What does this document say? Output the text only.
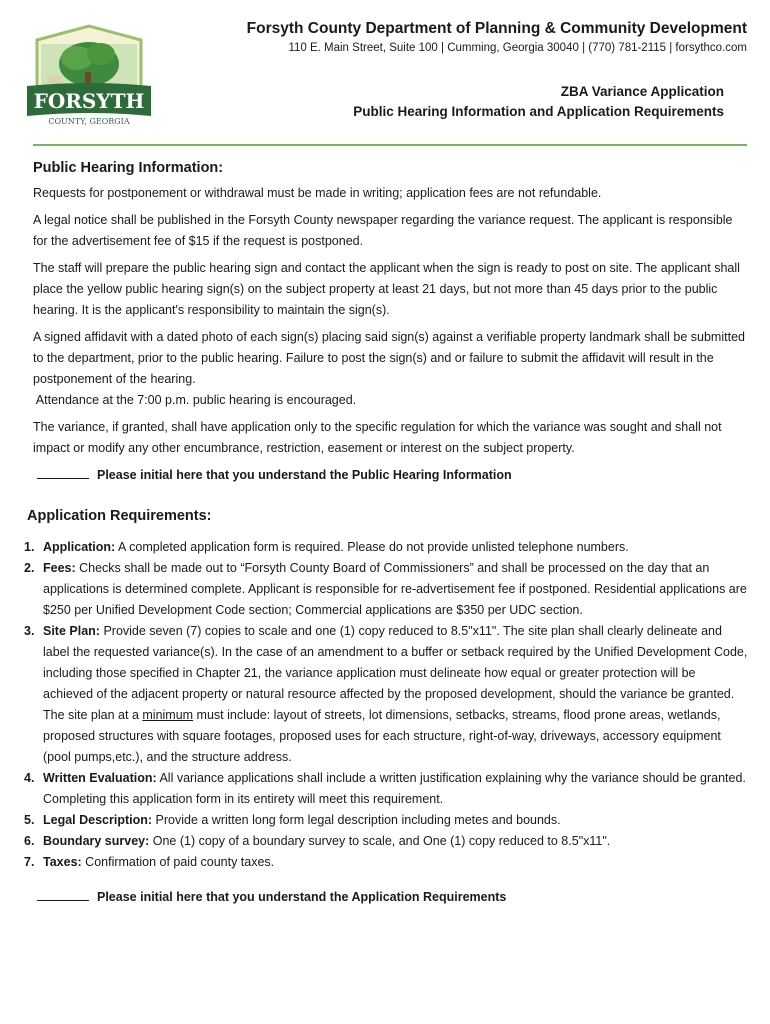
FORSYTH
COUNTY, GEORGIA
Forsyth County Department of Planning & Community Development
110 E. Main Street, Suite 100 | Cumming, Georgia 30040 | (770) 781-2115 | forsythco.com
ZBA Variance Application
Public Hearing Information and Application Requirements
Public Hearing Information:

Requests for postponement or withdrawal must be made in writing; application fees are not refundable.

A legal notice shall be published in the Forsyth County newspaper regarding the variance request. The applicant is responsible for the advertisement fee of $15 if the request is postponed.

The staff will prepare the public hearing sign and contact the applicant when the sign is ready to post on site. The applicant shall place the yellow public hearing sign(s) on the subject property at least 21 days, but not more than 45 days prior to the public hearing. It is the applicant's responsibility to maintain the sign(s).

A signed affidavit with a dated photo of each sign(s) placing said sign(s) against a verifiable property landmark shall be submitted to the department, prior to the public hearing. Failure to post the sign(s) and or failure to submit the affidavit will result in the postponement of the hearing.

Attendance at the 7:00 p.m. public hearing is encouraged.

The variance, if granted, shall have application only to the specific regulation for which the variance was sought and shall not impact or modify any other encumbrance, restriction, easement or interest on the subject property.

Please initial here that you understand the Public Hearing Information
Application Requirements:
1. Application: A completed application form is required. Please do not provide unlisted telephone numbers.
2. Fees: Checks shall be made out to “Forsyth County Board of Commissioners” and shall be processed on the day that an applications is determined complete. Applicant is responsible for re-advertisement fee if postponed. Residential applications are $250 per Unified Development Code section; Commercial applications are $350 per UDC section.
3. Site Plan: Provide seven (7) copies to scale and one (1) copy reduced to 8.5"x11". The site plan shall clearly delineate and label the requested variance(s). In the case of an amendment to a buffer or setback required by the Unified Development Code, including those specified in Chapter 21, the variance application must delineate how equal or greater protection will be achieved of the adjacent property or natural resource affected by the proposed development, should the variance be granted. The site plan at a minimum must include: layout of streets, lot dimensions, setbacks, streams, flood prone areas, wetlands, proposed structures with square footages, proposed uses for each structure, right-of-way, driveways, accessory equipment (pool pumps,etc.), and the structure address.
4. Written Evaluation: All variance applications shall include a written justification explaining why the variance should be granted. Completing this application form in its entirety will meet this requirement.
5. Legal Description: Provide a written long form legal description including metes and bounds.
6. Boundary survey: One (1) copy of a boundary survey to scale, and One (1) copy reduced to 8.5"x11".
7. Taxes: Confirmation of paid county taxes.
Please initial here that you understand the Application Requirements
